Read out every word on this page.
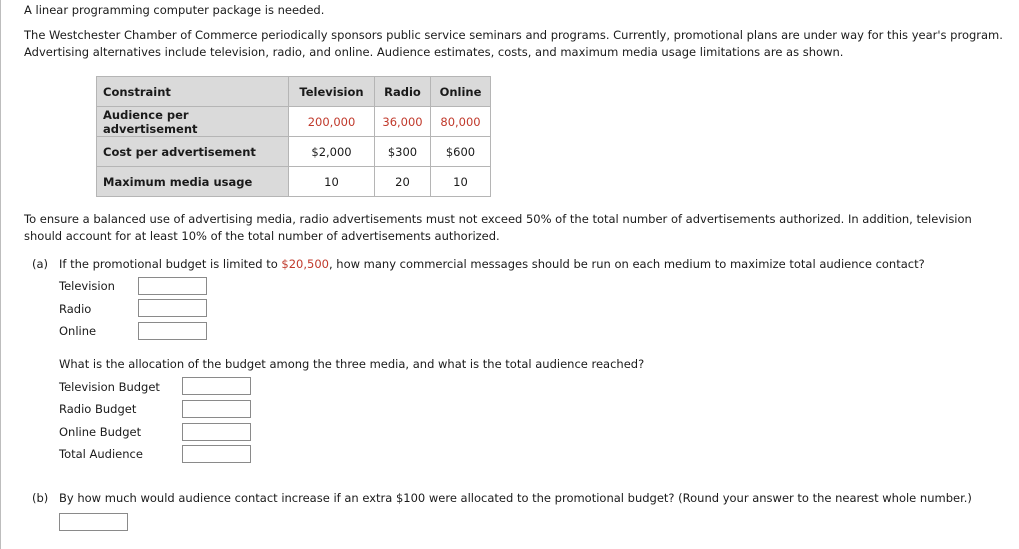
A linear programming computer package is needed.
The Westchester Chamber of Commerce periodically sponsors public service seminars and programs. Currently, promotional plans are under way for this year's program. Advertising alternatives include television, radio, and online. Audience estimates, costs, and maximum media usage limitations are as shown.
Constraint	Television	Radio	Online
Audience per advertisement	200,000	36,000	80,000
Cost per advertisement	$2,000	$300	$600
Maximum media usage	10	20	10
To ensure a balanced use of advertising media, radio advertisements must not exceed 50% of the total number of advertisements authorized. In addition, television should account for at least 10% of the total number of advertisements authorized.
(a) If the promotional budget is limited to $20,500, how many commercial messages should be run on each medium to maximize total audience contact?
Television
Radio
Online
What is the allocation of the budget among the three media, and what is the total audience reached?
Television Budget
Radio Budget
Online Budget
Total Audience
(b) By how much would audience contact increase if an extra $100 were allocated to the promotional budget? (Round your answer to the nearest whole number.)
